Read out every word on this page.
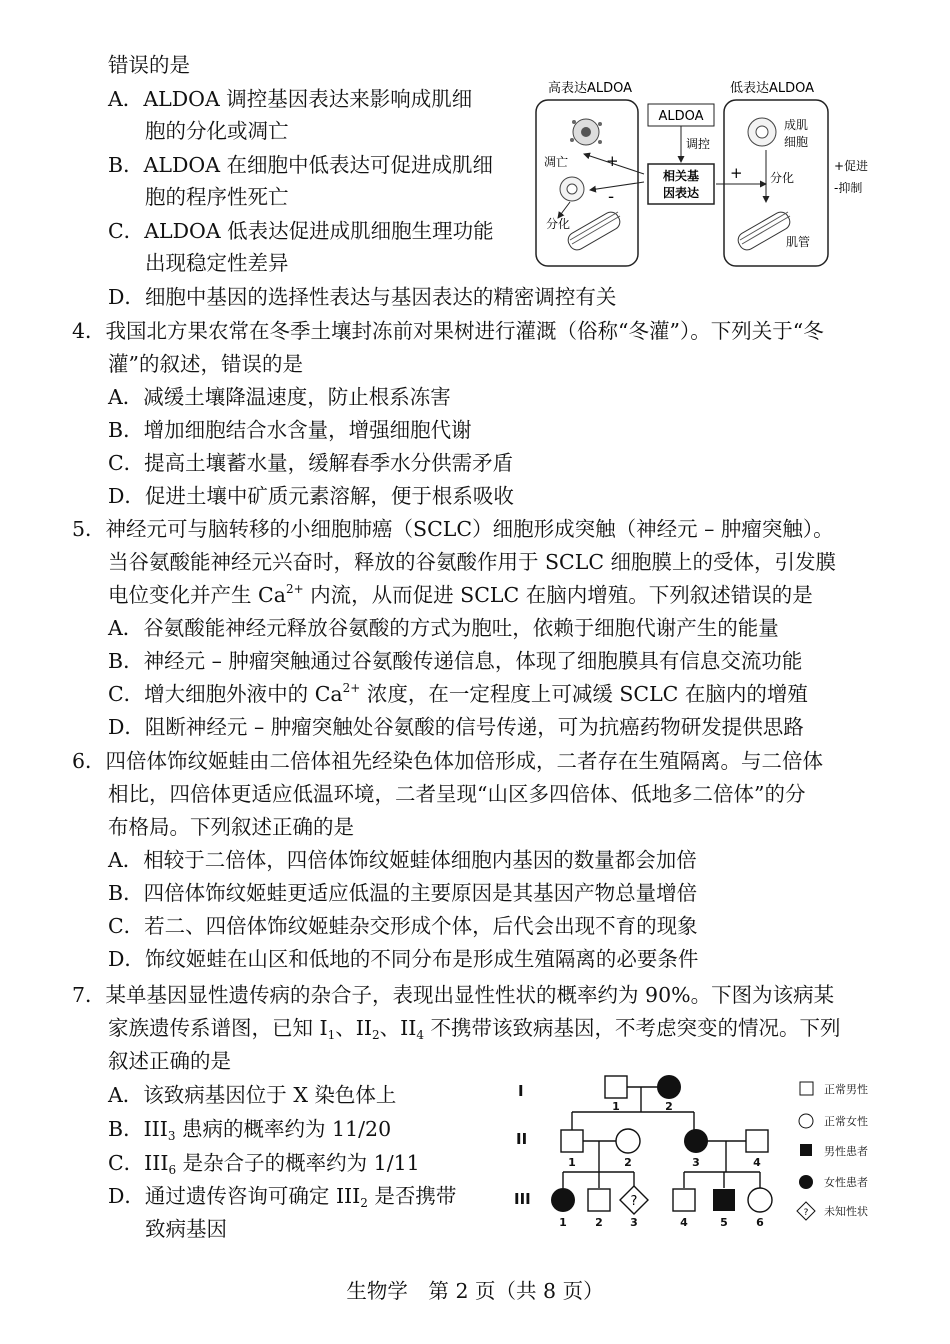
错误的是
A．ALDOA 调控基因表达来影响成肌细
胞的分化或凋亡
B．ALDOA 在细胞中低表达可促进成肌细
胞的程序性死亡
C．ALDOA 低表达促进成肌细胞生理功能
出现稳定性差异
D．细胞中基因的选择性表达与基因表达的精密调控有关
高表达ALDOA	低表达ALDOA
凋亡
分化
+
-
ALDOA
调控
相关基
因表达
+
成肌
细胞
分化
肌管
+促进
-抑制
4．我国北方果农常在冬季土壤封冻前对果树进行灌溉（俗称“冬灌”）。下列关于“冬
灌”的叙述，错误的是
A．减缓土壤降温速度，防止根系冻害
B．增加细胞结合水含量，增强细胞代谢
C．提高土壤蓄水量，缓解春季水分供需矛盾
D．促进土壤中矿质元素溶解，便于根系吸收
5．神经元可与脑转移的小细胞肺癌（SCLC）细胞形成突触（神经元 – 肿瘤突触）。
当谷氨酸能神经元兴奋时，释放的谷氨酸作用于 SCLC 细胞膜上的受体，引发膜
电位变化并产生 $Ca^{2+}$ 内流，从而促进 SCLC 在脑内增殖。下列叙述错误的是
A．谷氨酸能神经元释放谷氨酸的方式为胞吐，依赖于细胞代谢产生的能量
B．神经元 – 肿瘤突触通过谷氨酸传递信息，体现了细胞膜具有信息交流功能
C．增大细胞外液中的 $Ca^{2+}$ 浓度，在一定程度上可减缓 SCLC 在脑内的增殖
D．阻断神经元 – 肿瘤突触处谷氨酸的信号传递，可为抗癌药物研发提供思路
6．四倍体饰纹姬蛙由二倍体祖先经染色体加倍形成，二者存在生殖隔离。与二倍体
相比，四倍体更适应低温环境，二者呈现“山区多四倍体、低地多二倍体”的分
布格局。下列叙述正确的是
A．相较于二倍体，四倍体饰纹姬蛙体细胞内基因的数量都会加倍
B．四倍体饰纹姬蛙更适应低温的主要原因是其基因产物总量增倍
C．若二、四倍体饰纹姬蛙杂交形成个体，后代会出现不育的现象
D．饰纹姬蛙在山区和低地的不同分布是形成生殖隔离的必要条件
7．某单基因显性遗传病的杂合子，表现出显性性状的概率约为 90%。下图为该病某
家族遗传系谱图，已知 $I_1$、$II_2$、$II_4$ 不携带该致病基因，不考虑突变的情况。下列
叙述正确的是
A．该致病基因位于 X 染色体上
B．$III_3$ 患病的概率约为 11/20
C．$III_6$ 是杂合子的概率约为 1/11
D．通过遗传咨询可确定 $III_2$ 是否携带
致病基因
I
II
III	?
1	2
1	2	3	4
1	2 3	4	5	6
?
正常男性
正常女性
男性患者
女性患者
未知性状
生物学　第 2 页（共 8 页）
